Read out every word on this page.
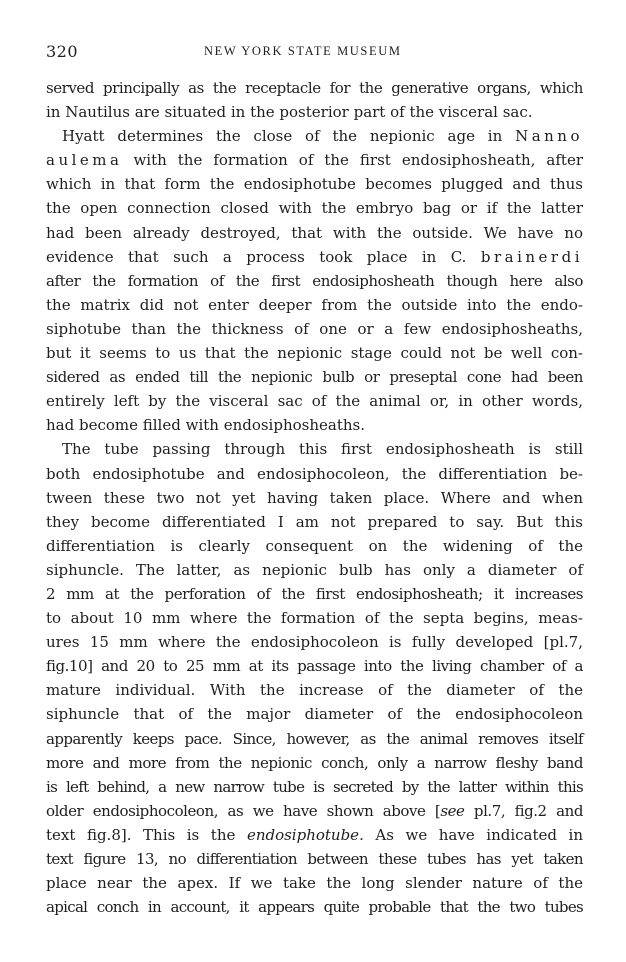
320	NEW YORK STATE MUSEUM
served principally as the receptacle for the generative organs, which
in Nautilus are situated in the posterior part of the visceral sac.
Hyatt determines the close of the nepionic age in Nanno
aulema with the formation of the first endosiphosheath, after
which in that form the endosiphotube becomes plugged and thus
the open connection closed with the embryo bag or if the latter
had been already destroyed, that with the outside. We have no
evidence that such a process took place in C. brainerdi
after the formation of the first endosiphosheath though here also
the matrix did not enter deeper from the outside into the endo-
siphotube than the thickness of one or a few endosiphosheaths,
but it seems to us that the nepionic stage could not be well con-
sidered as ended till the nepionic bulb or preseptal cone had been
entirely left by the visceral sac of the animal or, in other words,
had become filled with endosiphosheaths.
The tube passing through this first endosiphosheath is still
both endosiphotube and endosiphocoleon, the differentiation be-
tween these two not yet having taken place. Where and when
they become differentiated I am not prepared to say. But this
differentiation is clearly consequent on the widening of the
siphuncle. The latter, as nepionic bulb has only a diameter of
2 mm at the perforation of the first endosiphosheath; it increases
to about 10 mm where the formation of the septa begins, meas-
ures 15 mm where the endosiphocoleon is fully developed [pl.7,
fig.10] and 20 to 25 mm at its passage into the living chamber of a
mature individual. With the increase of the diameter of the
siphuncle that of the major diameter of the endosiphocoleon
apparently keeps pace. Since, however, as the animal removes itself
more and more from the nepionic conch, only a narrow fleshy band
is left behind, a new narrow tube is secreted by the latter within this
older endosiphocoleon, as we have shown above [see pl.7, fig.2 and
text fig.8]. This is the endosiphotube. As we have indicated in
text figure 13, no differentiation between these tubes has yet taken
place near the apex. If we take the long slender nature of the
apical conch in account, it appears quite probable that the two tubes
